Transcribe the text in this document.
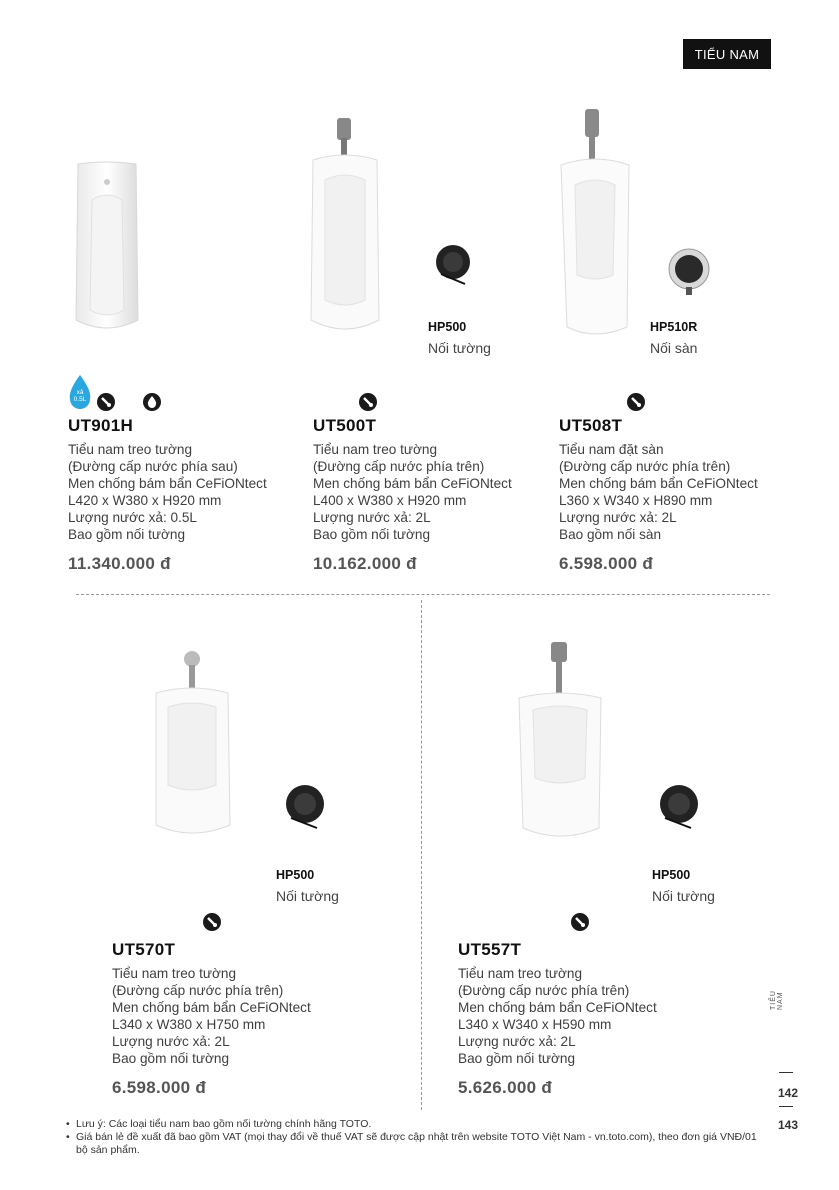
TIỂU NAM
HP500
Nối tường
HP510R
Nối sàn
HP500
Nối tường
HP500
Nối tường
xả
0.5L

UT901H
Tiểu nam treo tường
(Đường cấp nước phía sau)
Men chống bám bẩn CeFiONtect
L420 x W380 x H920 mm
Lượng nước xả: 0.5L
Bao gồm nối tường
11.340.000 đ
UT500T
Tiểu nam treo tường
(Đường cấp nước phía trên)
Men chống bám bẩn CeFiONtect
L400 x W380 x H920 mm
Lượng nước xả: 2L
Bao gồm nối tường
10.162.000 đ
UT508T
Tiểu nam đặt sàn
(Đường cấp nước phía trên)
Men chống bám bẩn CeFiONtect
L360 x W340 x H890 mm
Lượng nước xả: 2L
Bao gồm nối sàn
6.598.000 đ
UT570T
Tiểu nam treo tường
(Đường cấp nước phía trên)
Men chống bám bẩn CeFiONtect
L340 x W380 x H750 mm
Lượng nước xả: 2L
Bao gồm nối tường
6.598.000 đ
UT557T
Tiểu nam treo tường
(Đường cấp nước phía trên)
Men chống bám bẩn CeFiONtect
L340 x W340 x H590 mm
Lượng nước xả: 2L
Bao gồm nối tường
5.626.000 đ
TIỂU NAM
142
143
• Lưu ý: Các loại tiểu nam bao gồm nối tường chính hãng TOTO.
• Giá bán lẻ đề xuất đã bao gồm VAT (mọi thay đổi về thuế VAT sẽ được cập nhật trên website TOTO Việt Nam - vn.toto.com), theo đơn giá VNĐ/01 bộ sản phẩm.
